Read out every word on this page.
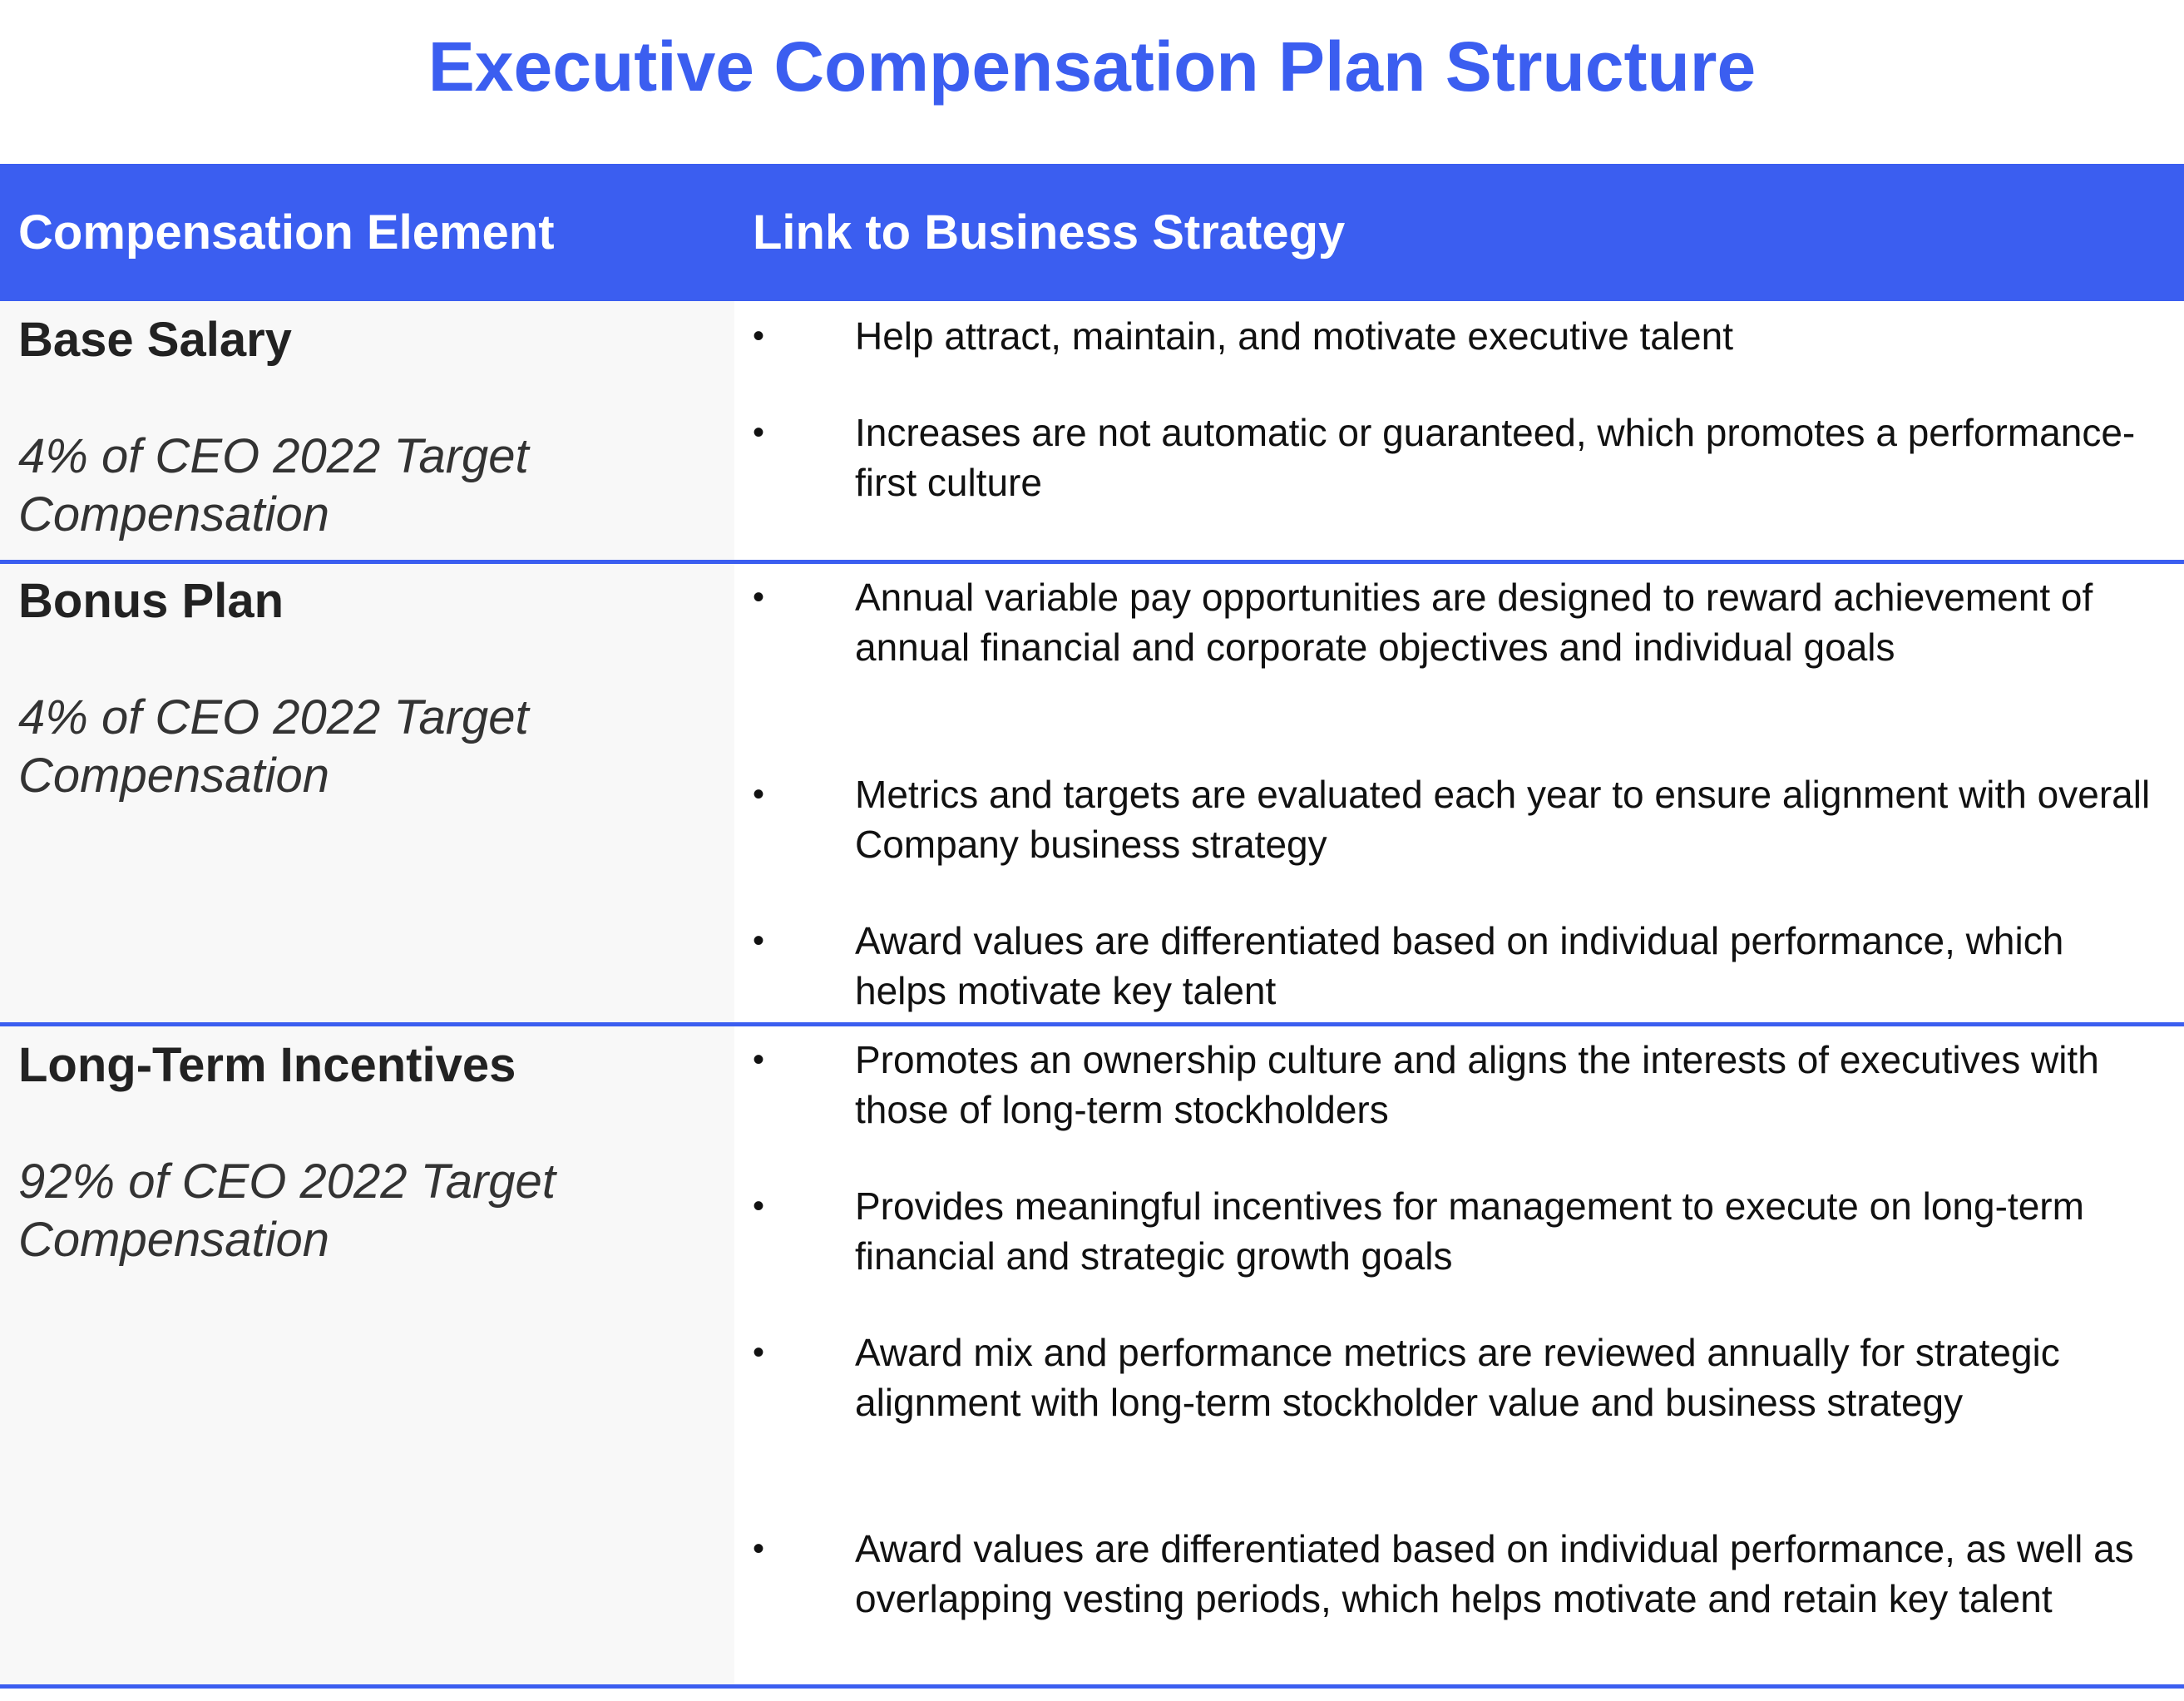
Executive Compensation Plan Structure
Compensation Element	Link to Business Strategy
Base Salary
4% of CEO 2022 Target Compensation
• Help attract, maintain, and motivate executive talent
• Increases are not automatic or guaranteed, which promotes a performance-first culture
Bonus Plan
4% of CEO 2022 Target Compensation
• Annual variable pay opportunities are designed to reward achievement of annual financial and corporate objectives and individual goals
• Metrics and targets are evaluated each year to ensure alignment with overall Company business strategy
• Award values are differentiated based on individual performance, which helps motivate key talent
Long-Term Incentives
92% of CEO 2022 Target Compensation
• Promotes an ownership culture and aligns the interests of executives with those of long-term stockholders
• Provides meaningful incentives for management to execute on long-term financial and strategic growth goals
• Award mix and performance metrics are reviewed annually for strategic alignment with long-term stockholder value and business strategy
• Award values are differentiated based on individual performance, as well as overlapping vesting periods, which helps motivate and retain key talent
